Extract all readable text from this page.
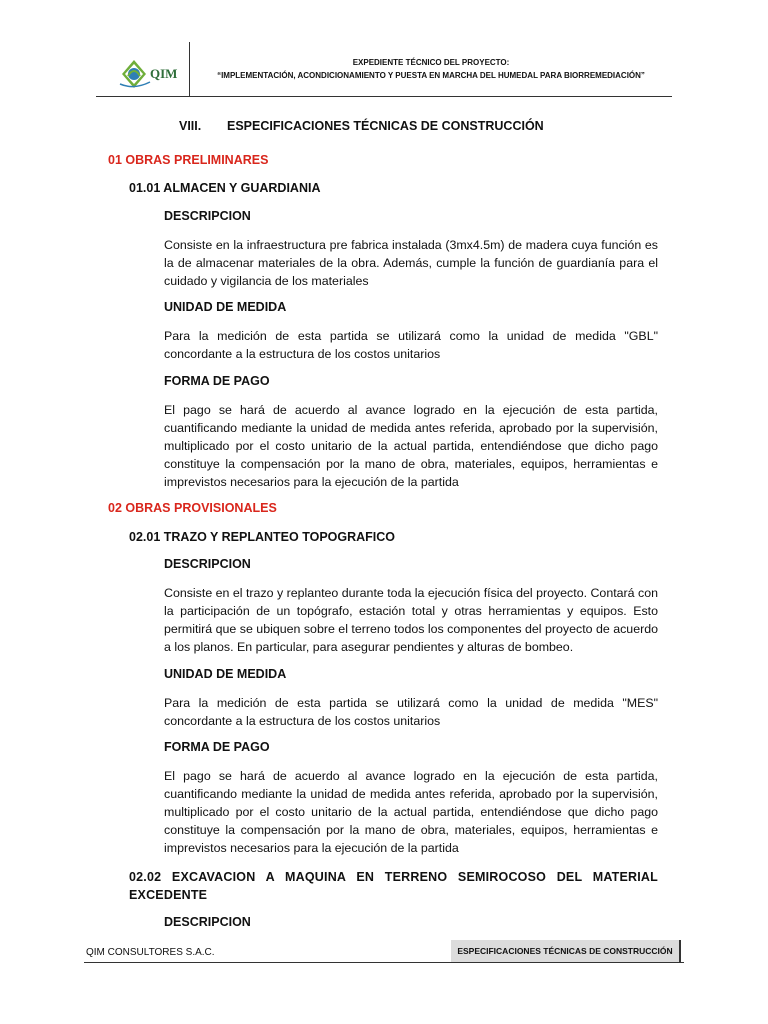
QIM
EXPEDIENTE TÉCNICO DEL PROYECTO:
“IMPLEMENTACIÓN, ACONDICIONAMIENTO Y PUESTA EN MARCHA DEL HUMEDAL PARA BIORREMEDIACIÓN”
VIII. ESPECIFICACIONES TÉCNICAS DE CONSTRUCCIÓN
01 OBRAS PRELIMINARES
01.01 ALMACEN Y GUARDIANIA
DESCRIPCION
Consiste en la infraestructura pre fabrica instalada (3mx4.5m) de madera cuya función es la de almacenar materiales de la obra. Además, cumple la función de guardianía para el cuidado y vigilancia de los materiales
UNIDAD DE MEDIDA
Para la medición de esta partida se utilizará como la unidad de medida "GBL" concordante a la estructura de los costos unitarios
FORMA DE PAGO
El pago se hará de acuerdo al avance logrado en la ejecución de esta partida, cuantificando mediante la unidad de medida antes referida, aprobado por la supervisión, multiplicado por el costo unitario de la actual partida, entendiéndose que dicho pago constituye la compensación por la mano de obra, materiales, equipos, herramientas e imprevistos necesarios para la ejecución de la partida
02 OBRAS PROVISIONALES
02.01 TRAZO Y REPLANTEO TOPOGRAFICO
DESCRIPCION
Consiste en el trazo y replanteo durante toda la ejecución física del proyecto. Contará con la participación de un topógrafo, estación total y otras herramientas y equipos. Esto permitirá que se ubiquen sobre el terreno todos los componentes del proyecto de acuerdo a los planos. En particular, para asegurar pendientes y alturas de bombeo.
UNIDAD DE MEDIDA
Para la medición de esta partida se utilizará como la unidad de medida "MES" concordante a la estructura de los costos unitarios
FORMA DE PAGO
El pago se hará de acuerdo al avance logrado en la ejecución de esta partida, cuantificando mediante la unidad de medida antes referida, aprobado por la supervisión, multiplicado por el costo unitario de la actual partida, entendiéndose que dicho pago constituye la compensación por la mano de obra, materiales, equipos, herramientas e imprevistos necesarios para la ejecución de la partida
02.02 EXCAVACION A MAQUINA EN TERRENO SEMIROCOSO DEL MATERIAL EXCEDENTE
DESCRIPCION
QIM CONSULTORES S.A.C.	ESPECIFICACIONES TÉCNICAS DE CONSTRUCCIÓN
